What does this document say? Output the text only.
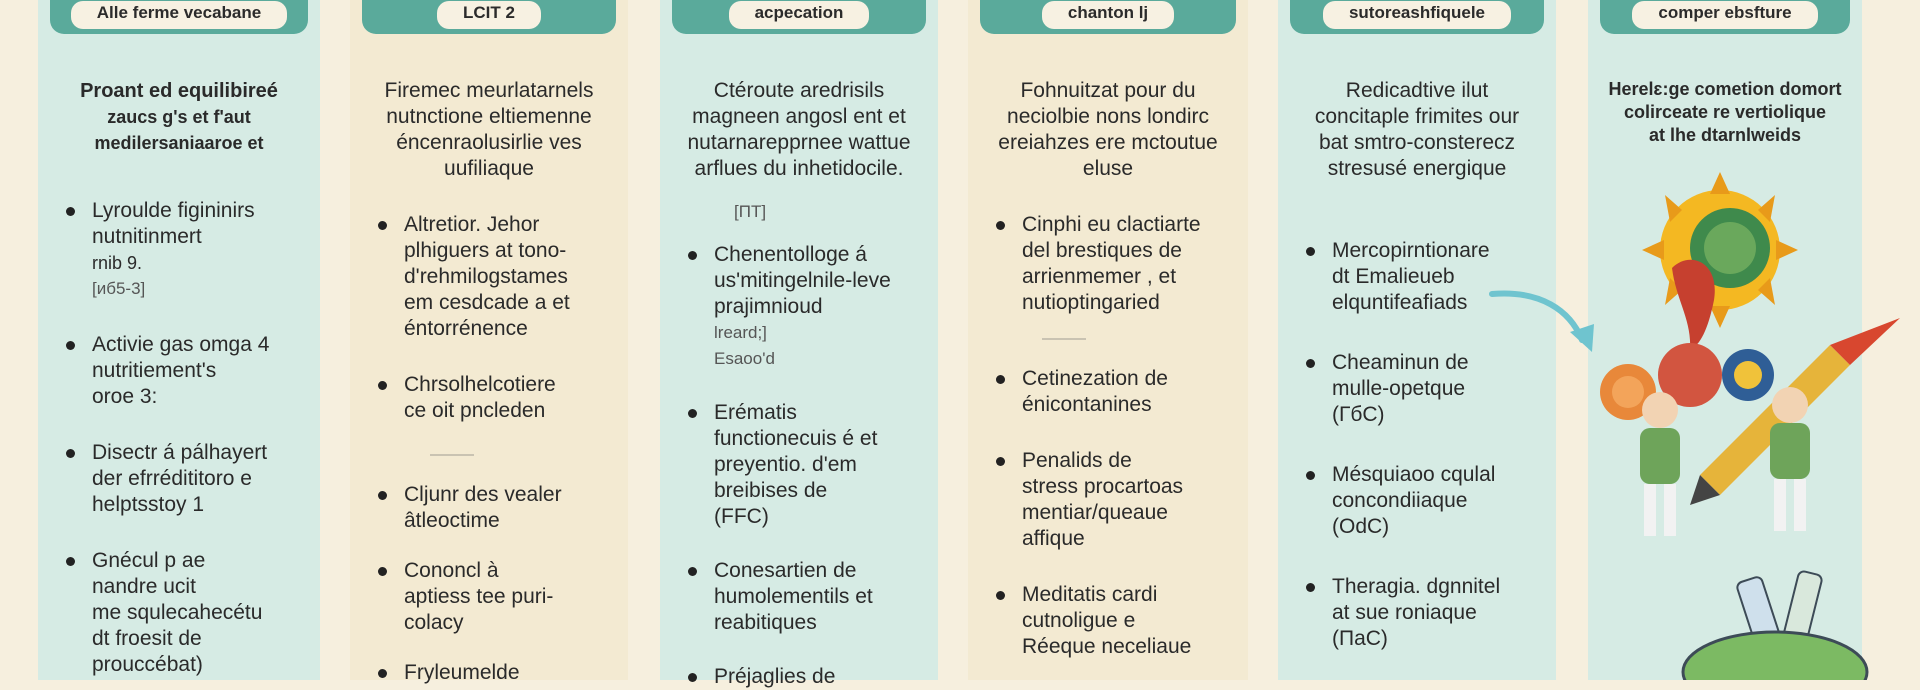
Alle ferme vecabane
Proant ed equilibireé
zaucs g's et f'aut
medilersaniaaroe et
Lyroulde figininirs
nutnitinmert
rnib 9.
[иб5-3]
Activie gas omga 4
nutritiement's
oroe 3:
Disectr á pálhayert
der efrrédititoro e
helptsstoy 1
Gnécul p ae
nandre ucit
me squlecahecétu
dt froesit de
prouccébat)
LCIT 2
Firemec meurlatarnels
nutnctione eltiemenne
éncenraolusirlie ves
uufiliaque
Altretior. Jehor
plhiguers at tono-
d'rehmilogstames
em cesdcade a et
éntorrénence
Chrsolhelcotiere
ce oit pncleden
Cljunr des vealer
âtleoctime
Cononcl à
aptiess tee puri-
colacy
Fryleumelde
acpecation
Ctéroute aredrisils
magneen angosl ent et
nutarnarepprnee wattue
arflues du inhetidocile.
[ПТ]
Chenentolloge á
us'mitingelnile-leve
prajimnioud
lreard;]
Esaoo'd
Erématis
functionecuis é et
preyentio. d'em
breibises de
(FFC)
Conesartien de
humolementils et
reabitiques
Préjaglies de
chanton lj
Fohnuitzat pour du
neciolbie nons londirc
ereiahzes ere mctoutue
eluse
Cinphi eu clactiarte
del brestiques de
arrienmemer , et
nutioptingaried
Cetinezation de
énicontanines
Penalids de
stress procartoas
mentiar/queaue
affique
Meditatis cardi
cutnoligue e
Réeque neceliaue
sutoreashfiquele
Redicadtive ilut
concitaple frimites our
bat smtro-consterecz
stresusé energique
Mercopirntionare
dt Emalieueb
elquntifeafiads
Cheaminun de
mulle-opetque
(ГбС)
Mésquiaoo cqulal
concondiiaque
(ОdС)
Theragia. dgnnitel
at sue roniaque
(ПаС)
comper ebsfture
Herelɛ:ge cometion domort
colirceate re vertiolique
at lhe dtarnlweids
